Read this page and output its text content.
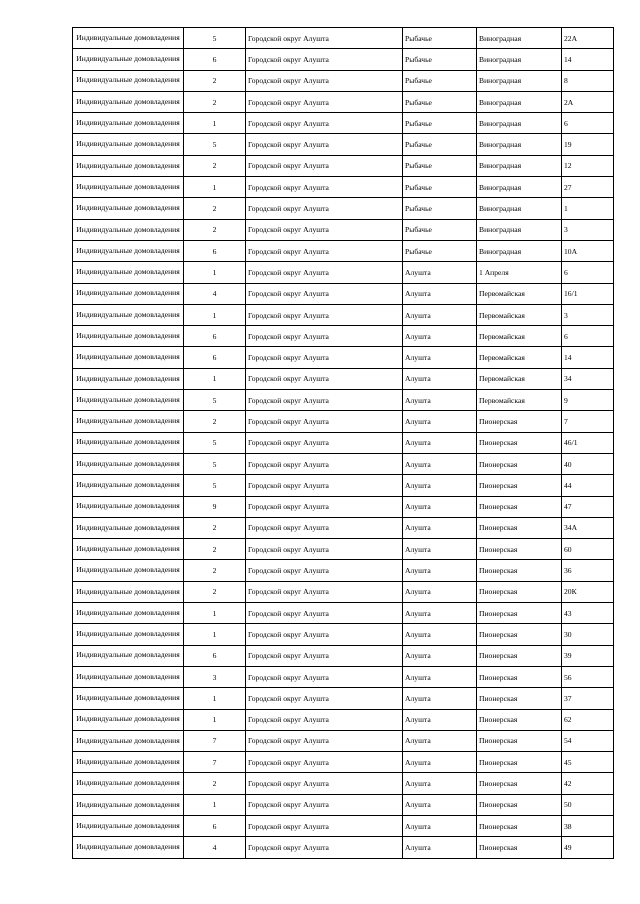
Индивидуальные домовладения	5	Городской округ Алушта	Рыбачье	Виноградная	22А
Индивидуальные домовладения	6	Городской округ Алушта	Рыбачье	Виноградная	14
Индивидуальные домовладения	2	Городской округ Алушта	Рыбачье	Виноградная	8
Индивидуальные домовладения	2	Городской округ Алушта	Рыбачье	Виноградная	2А
Индивидуальные домовладения	1	Городской округ Алушта	Рыбачье	Виноградная	6
Индивидуальные домовладения	5	Городской округ Алушта	Рыбачье	Виноградная	19
Индивидуальные домовладения	2	Городской округ Алушта	Рыбачье	Виноградная	12
Индивидуальные домовладения	1	Городской округ Алушта	Рыбачье	Виноградная	27
Индивидуальные домовладения	2	Городской округ Алушта	Рыбачье	Виноградная	1
Индивидуальные домовладения	2	Городской округ Алушта	Рыбачье	Виноградная	3
Индивидуальные домовладения	6	Городской округ Алушта	Рыбачье	Виноградная	10А
Индивидуальные домовладения	1	Городской округ Алушта	Алушта	1 Апреля	6
Индивидуальные домовладения	4	Городской округ Алушта	Алушта	Первомайская	16/1
Индивидуальные домовладения	1	Городской округ Алушта	Алушта	Первомайская	3
Индивидуальные домовладения	6	Городской округ Алушта	Алушта	Первомайская	6
Индивидуальные домовладения	6	Городской округ Алушта	Алушта	Первомайская	14
Индивидуальные домовладения	1	Городской округ Алушта	Алушта	Первомайская	34
Индивидуальные домовладения	5	Городской округ Алушта	Алушта	Первомайская	9
Индивидуальные домовладения	2	Городской округ Алушта	Алушта	Пионерская	7
Индивидуальные домовладения	5	Городской округ Алушта	Алушта	Пионерская	46/1
Индивидуальные домовладения	5	Городской округ Алушта	Алушта	Пионерская	40
Индивидуальные домовладения	5	Городской округ Алушта	Алушта	Пионерская	44
Индивидуальные домовладения	9	Городской округ Алушта	Алушта	Пионерская	47
Индивидуальные домовладения	2	Городской округ Алушта	Алушта	Пионерская	34А
Индивидуальные домовладения	2	Городской округ Алушта	Алушта	Пионерская	60
Индивидуальные домовладения	2	Городской округ Алушта	Алушта	Пионерская	36
Индивидуальные домовладения	2	Городской округ Алушта	Алушта	Пионерская	20К
Индивидуальные домовладения	1	Городской округ Алушта	Алушта	Пионерская	43
Индивидуальные домовладения	1	Городской округ Алушта	Алушта	Пионерская	30
Индивидуальные домовладения	6	Городской округ Алушта	Алушта	Пионерская	39
Индивидуальные домовладения	3	Городской округ Алушта	Алушта	Пионерская	56
Индивидуальные домовладения	1	Городской округ Алушта	Алушта	Пионерская	37
Индивидуальные домовладения	1	Городской округ Алушта	Алушта	Пионерская	62
Индивидуальные домовладения	7	Городской округ Алушта	Алушта	Пионерская	54
Индивидуальные домовладения	7	Городской округ Алушта	Алушта	Пионерская	45
Индивидуальные домовладения	2	Городской округ Алушта	Алушта	Пионерская	42
Индивидуальные домовладения	1	Городской округ Алушта	Алушта	Пионерская	50
Индивидуальные домовладения	6	Городской округ Алушта	Алушта	Пионерская	38
Индивидуальные домовладения	4	Городской округ Алушта	Алушта	Пионерская	49
